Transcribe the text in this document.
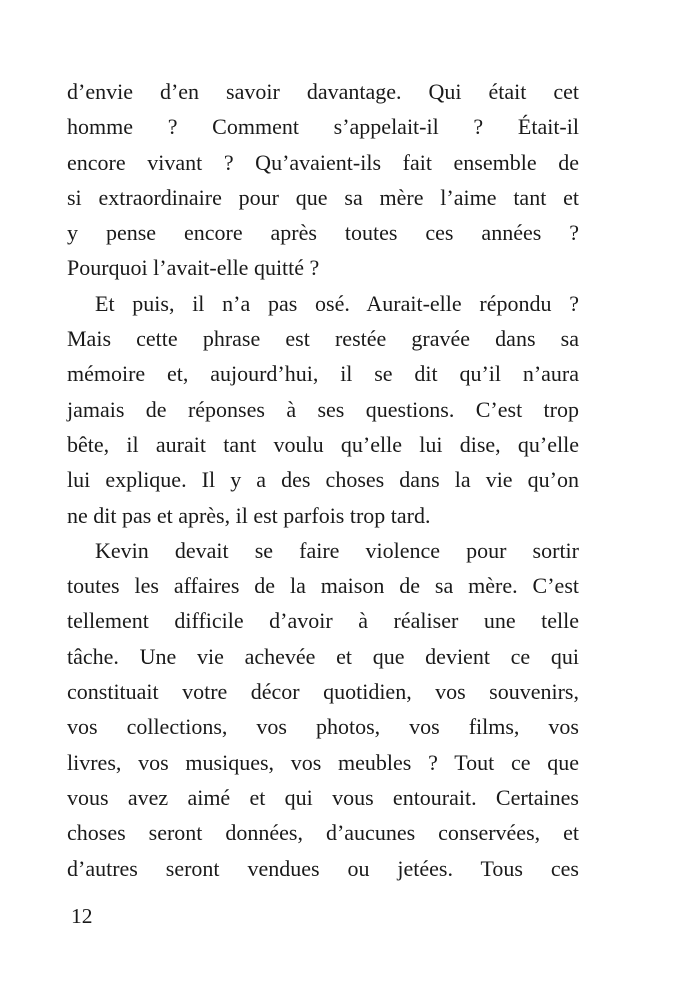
d’envie d’en savoir davantage. Qui était cet
homme ? Comment s’appelait-il ? Était-il
encore vivant ? Qu’avaient-ils fait ensemble de
si extraordinaire pour que sa mère l’aime tant et
y pense encore après toutes ces années ?
Pourquoi l’avait-elle quitté ?
Et puis, il n’a pas osé. Aurait-elle répondu ?
Mais cette phrase est restée gravée dans sa
mémoire et, aujourd’hui, il se dit qu’il n’aura
jamais de réponses à ses questions. C’est trop
bête, il aurait tant voulu qu’elle lui dise, qu’elle
lui explique. Il y a des choses dans la vie qu’on
ne dit pas et après, il est parfois trop tard.
Kevin devait se faire violence pour sortir
toutes les affaires de la maison de sa mère. C’est
tellement difficile d’avoir à réaliser une telle
tâche. Une vie achevée et que devient ce qui
constituait votre décor quotidien, vos souvenirs,
vos collections, vos photos, vos films, vos
livres, vos musiques, vos meubles ? Tout ce que
vous avez aimé et qui vous entourait. Certaines
choses seront données, d’aucunes conservées, et
d’autres seront vendues ou jetées. Tous ces
12
